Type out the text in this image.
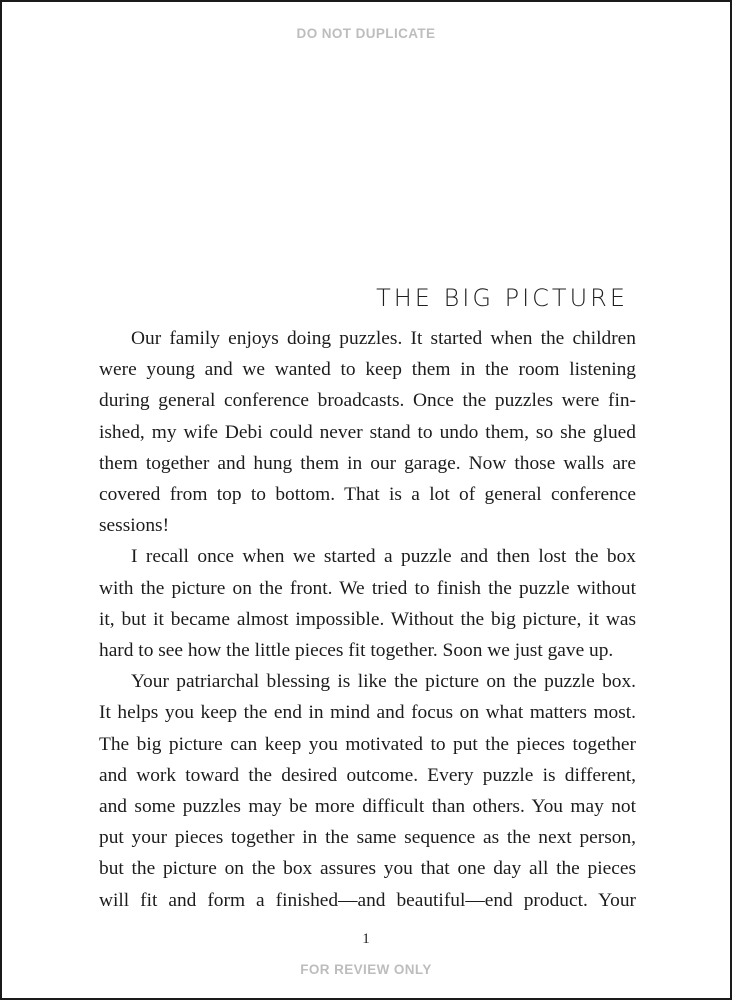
DO NOT DUPLICATE
THE BIG PICTURE
Our family enjoys doing puzzles. It started when the children
were young and we wanted to keep them in the room listening
during general conference broadcasts. Once the puzzles were fin-
ished, my wife Debi could never stand to undo them, so she glued
them together and hung them in our garage. Now those walls are
covered from top to bottom. That is a lot of general conference
sessions!
I recall once when we started a puzzle and then lost the box
with the picture on the front. We tried to finish the puzzle without
it, but it became almost impossible. Without the big picture, it was
hard to see how the little pieces fit together. Soon we just gave up.
Your patriarchal blessing is like the picture on the puzzle box.
It helps you keep the end in mind and focus on what matters most.
The big picture can keep you motivated to put the pieces together
and work toward the desired outcome. Every puzzle is different,
and some puzzles may be more difficult than others. You may not
put your pieces together in the same sequence as the next person,
but the picture on the box assures you that one day all the pieces
will fit and form a finished—and beautiful—end product. Your
1
FOR REVIEW ONLY
